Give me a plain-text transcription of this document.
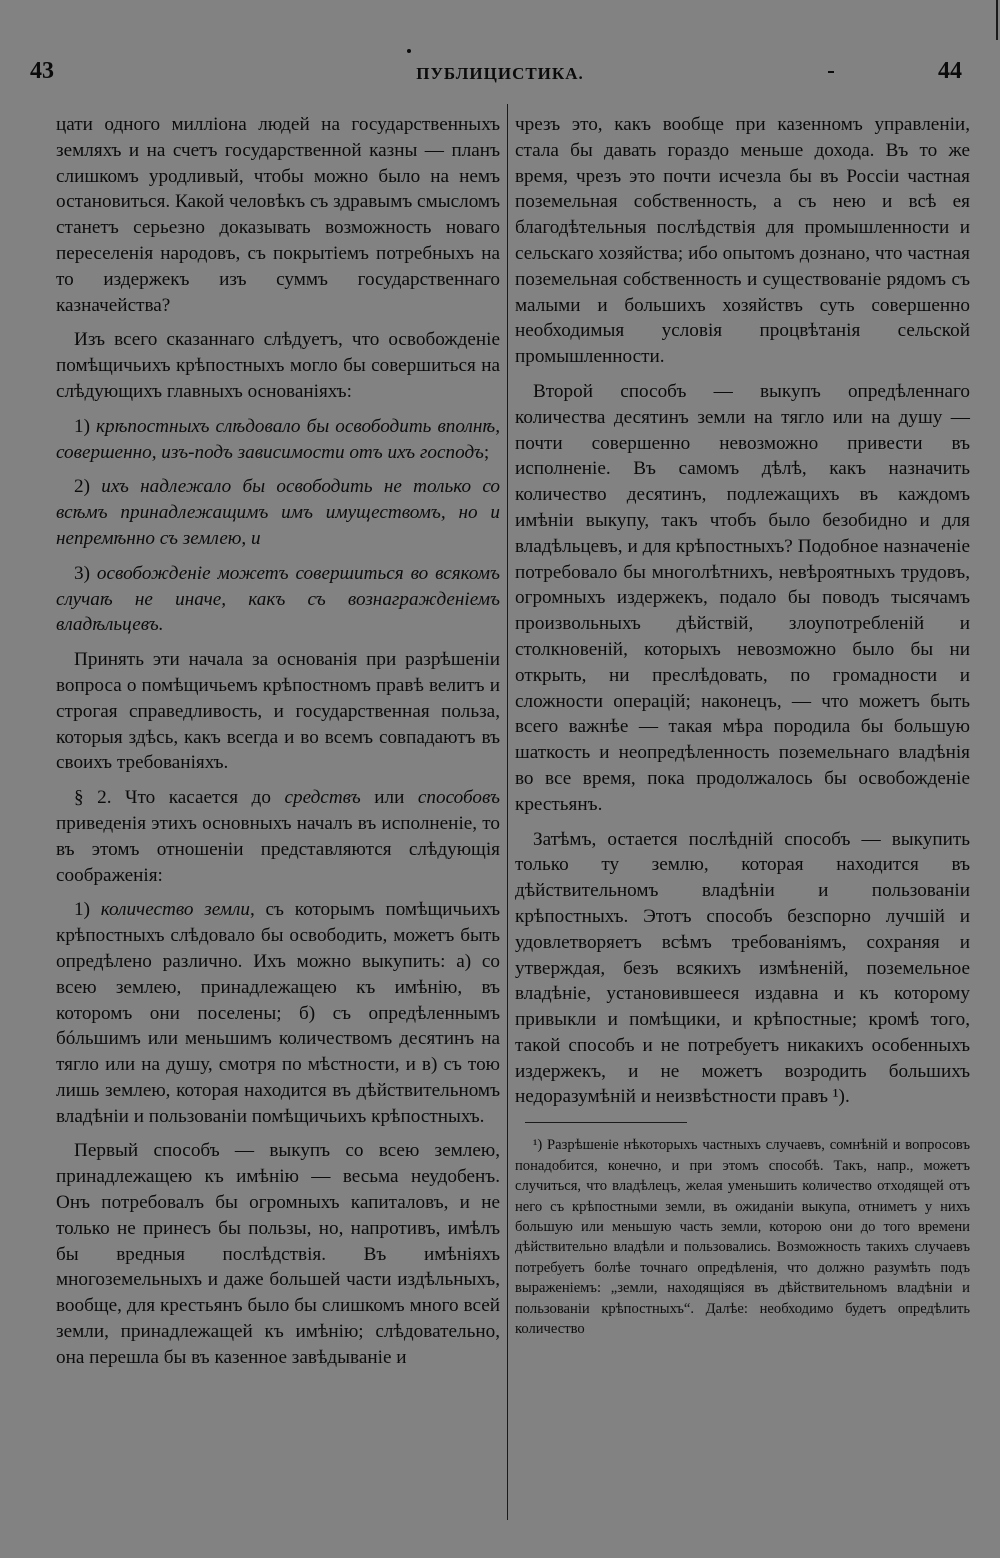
43	ПУБЛИЦИСТИКА.	44

цати одного милліона людей на государственныхъ земляхъ и на счетъ государственной казны — планъ слишкомъ уродливый, чтобы можно было на немъ остановиться. Какой человѣкъ съ здравымъ смысломъ станетъ серьезно доказывать возможность новаго переселенія народовъ, съ покрытіемъ потребныхъ на то издержекъ изъ суммъ государственнаго казначейства?

Изъ всего сказаннаго слѣдуетъ, что освобожденіе помѣщичьихъ крѣпостныхъ могло бы совершиться на слѣдующихъ главныхъ основаніяхъ:

1) крѣпостныхъ слѣдовало бы освободить вполнѣ, совершенно, изъ-подъ зависимости отъ ихъ господъ;

2) ихъ надлежало бы освободить не только со всѣмъ принадлежащимъ имъ имуществомъ, но и непремѣнно съ землею, и

3) освобожденіе можетъ совершиться во всякомъ случаѣ не иначе, какъ съ вознагражденіемъ владѣльцевъ.

Принять эти начала за основанія при разрѣшеніи вопроса о помѣщичьемъ крѣпостномъ правѣ велитъ и строгая справедливость, и государственная польза, которыя здѣсь, какъ всегда и во всемъ совпадаютъ въ своихъ требованіяхъ.

§ 2. Что касается до средствъ или способовъ приведенія этихъ основныхъ началъ въ исполненіе, то въ этомъ отношеніи представляются слѣдующія соображенія:

1) количество земли, съ которымъ помѣщичьихъ крѣпостныхъ слѣдовало бы освободить, можетъ быть опредѣлено различно. Ихъ можно выкупить: а) со всею землею, принадлежащею къ имѣнію, въ которомъ они поселены; б) съ опредѣленнымъ бóльшимъ или меньшимъ количествомъ десятинъ на тягло или на душу, смотря по мѣстности, и в) съ тою лишь землею, которая находится въ дѣйствительномъ владѣніи и пользованіи помѣщичьихъ крѣпостныхъ.

Первый способъ — выкупъ со всею землею, принадлежащею къ имѣнію — весьма неудобенъ. Онъ потребовалъ бы огромныхъ капиталовъ, и не только не принесъ бы пользы, но, напротивъ, имѣлъ бы вредныя послѣдствія. Въ имѣніяхъ многоземельныхъ и даже большей части издѣльныхъ, вообще, для крестьянъ было бы слишкомъ много всей земли, принадлежащей къ имѣнію; слѣдовательно, она перешла бы въ казенное завѣдываніе и

чрезъ это, какъ вообще при казенномъ управленіи, стала бы давать гораздо меньше дохода. Въ то же время, чрезъ это почти исчезла бы въ Россіи частная поземельная собственность, а съ нею и всѣ ея благодѣтельныя послѣдствія для промышленности и сельскаго хозяйства; ибо опытомъ дознано, что частная поземельная собственность и существованіе рядомъ съ малыми и большихъ хозяйствъ суть совершенно необходимыя условія процвѣтанія сельской промышленности.

Второй способъ — выкупъ опредѣленнаго количества десятинъ земли на тягло или на душу — почти совершенно невозможно привести въ исполненіе. Въ самомъ дѣлѣ, какъ назначить количество десятинъ, подлежащихъ въ каждомъ имѣніи выкупу, такъ чтобъ было безобидно и для владѣльцевъ, и для крѣпостныхъ? Подобное назначеніе потребовало бы многолѣтнихъ, невѣроятныхъ трудовъ, огромныхъ издержекъ, подало бы поводъ тысячамъ произвольныхъ дѣйствій, злоупотребленій и столкновеній, которыхъ невозможно было бы ни открыть, ни преслѣдовать, по громадности и сложности операцій; наконецъ, — что можетъ быть всего важнѣе — такая мѣра породила бы большую шаткость и неопредѣленность поземельнаго владѣнія во все время, пока продолжалось бы освобожденіе крестьянъ.

Затѣмъ, остается послѣдній способъ — выкупить только ту землю, которая находится въ дѣйствительномъ владѣніи и пользованіи крѣпостныхъ. Этотъ способъ безспорно лучшій и удовлетворяетъ всѣмъ требованіямъ, сохраняя и утверждая, безъ всякихъ измѣненій, поземельное владѣніе, установившееся издавна и къ которому привыкли и помѣщики, и крѣпостные; кромѣ того, такой способъ и не потребуетъ никакихъ особенныхъ издержекъ, и не можетъ возродить большихъ недоразумѣній и неизвѣстности правъ ¹).

¹) Разрѣшеніе нѣкоторыхъ частныхъ случаевъ, сомнѣній и вопросовъ понадобится, конечно, и при этомъ способѣ. Такъ, напр., можетъ случиться, что владѣлецъ, желая уменьшить количество отходящей отъ него съ крѣпостными земли, въ ожиданіи выкупа, отниметъ у нихъ большую или меньшую часть земли, которою они до того времени дѣйствительно владѣли и пользовались. Возможность такихъ случаевъ потребуетъ болѣе точнаго опредѣленія, что должно разумѣть подъ выраженіемъ: „земли, находящіяся въ дѣйствительномъ владѣніи и пользованіи крѣпостныхъ“. Далѣе: необходимо будетъ опредѣлить количество
